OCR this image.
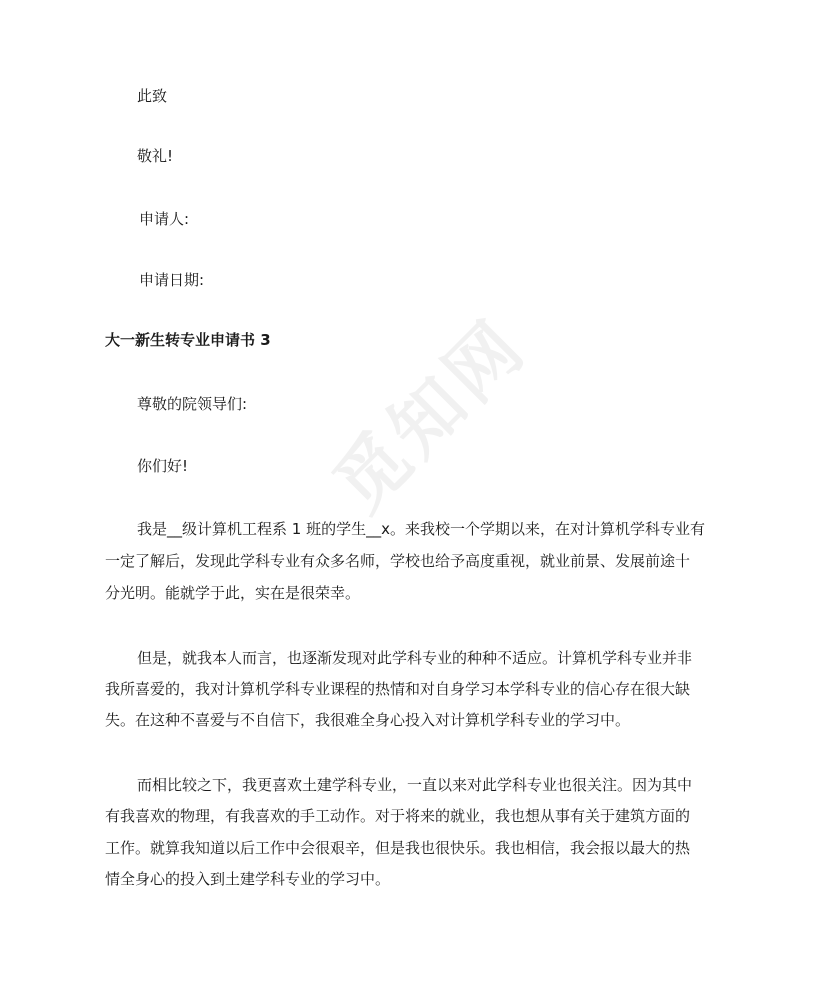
觅知网
此致
敬礼!
申请人:
申请日期:
大一新生转专业申请书 3
尊敬的院领导们:
你们好!
我是__级计算机工程系 1 班的学生__x。来我校一个学期以来，在对计算机学科专业有
一定了解后，发现此学科专业有众多名师，学校也给予高度重视，就业前景、发展前途十
分光明。能就学于此，实在是很荣幸。
但是，就我本人而言，也逐渐发现对此学科专业的种种不适应。计算机学科专业并非
我所喜爱的，我对计算机学科专业课程的热情和对自身学习本学科专业的信心存在很大缺
失。在这种不喜爱与不自信下，我很难全身心投入对计算机学科专业的学习中。
而相比较之下，我更喜欢土建学科专业，一直以来对此学科专业也很关注。因为其中
有我喜欢的物理，有我喜欢的手工动作。对于将来的就业，我也想从事有关于建筑方面的
工作。就算我知道以后工作中会很艰辛，但是我也很快乐。我也相信，我会报以最大的热
情全身心的投入到土建学科专业的学习中。
